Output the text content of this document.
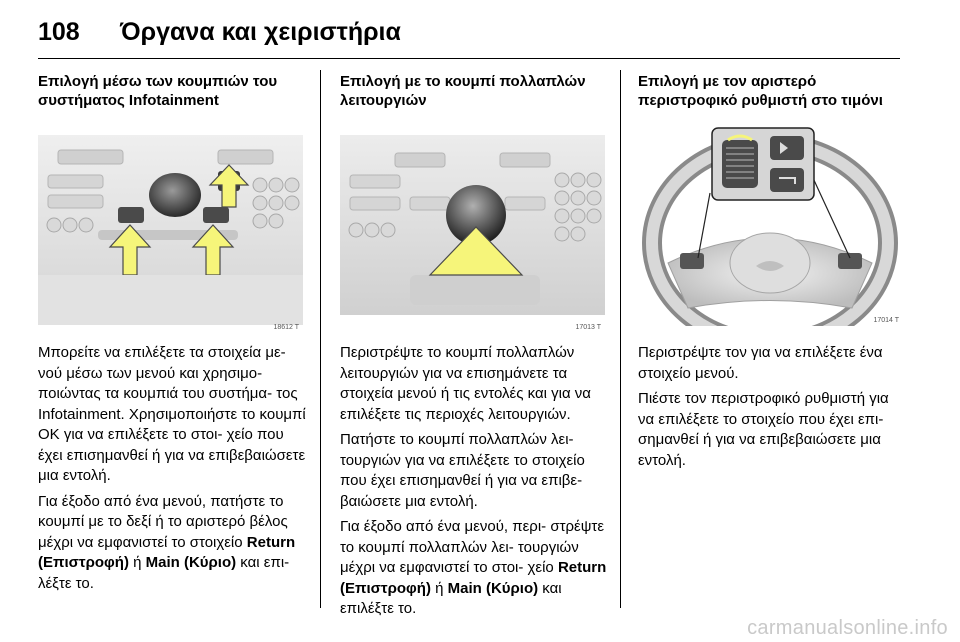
108 Όργανα και χειριστήρια

Επιλογή μέσω των κουμπιών του
συστήματος Infotainment

18612 T

Μπορείτε να επιλέξετε τα στοιχεία με- νού μέσω των μενού και χρησιμο- ποιώντας τα κουμπιά του συστήμα- τος Infotainment. Χρησιμοποιήστε το κουμπί OK για να επιλέξετε το στοι- χείο που έχει επισημανθεί ή για να επιβεβαιώσετε μια εντολή.

Για έξοδο από ένα μενού, πατήστε το κουμπί με το δεξί ή το αριστερό βέλος μέχρι να εμφανιστεί το στοιχείο Return (Επιστροφή) ή Main (Κύριο) και επι- λέξτε το.

Επιλογή με το κουμπί πολλαπλών
λειτουργιών

17013 T

Περιστρέψτε το κουμπί πολλαπλών λειτουργιών για να επισημάνετε τα στοιχεία μενού ή τις εντολές και για να επιλέξετε τις περιοχές λειτουργιών.

Πατήστε το κουμπί πολλαπλών λει- τουργιών για να επιλέξετε το στοιχείο που έχει επισημανθεί ή για να επιβε- βαιώσετε μια εντολή.

Για έξοδο από ένα μενού, περι- στρέψτε το κουμπί πολλαπλών λει- τουργιών μέχρι να εμφανιστεί το στοι- χείο Return (Επιστροφή) ή Main (Κύριο) και επιλέξτε το.

Επιλογή με τον αριστερό
περιστροφικό ρυθμιστή στο τιμόνι

17014 T

Περιστρέψτε τον για να επιλέξετε ένα στοιχείο μενού.

Πιέστε τον περιστροφικό ρυθμιστή για να επιλέξετε το στοιχείο που έχει επι- σημανθεί ή για να επιβεβαιώσετε μια εντολή.

carmanualsonline.info
